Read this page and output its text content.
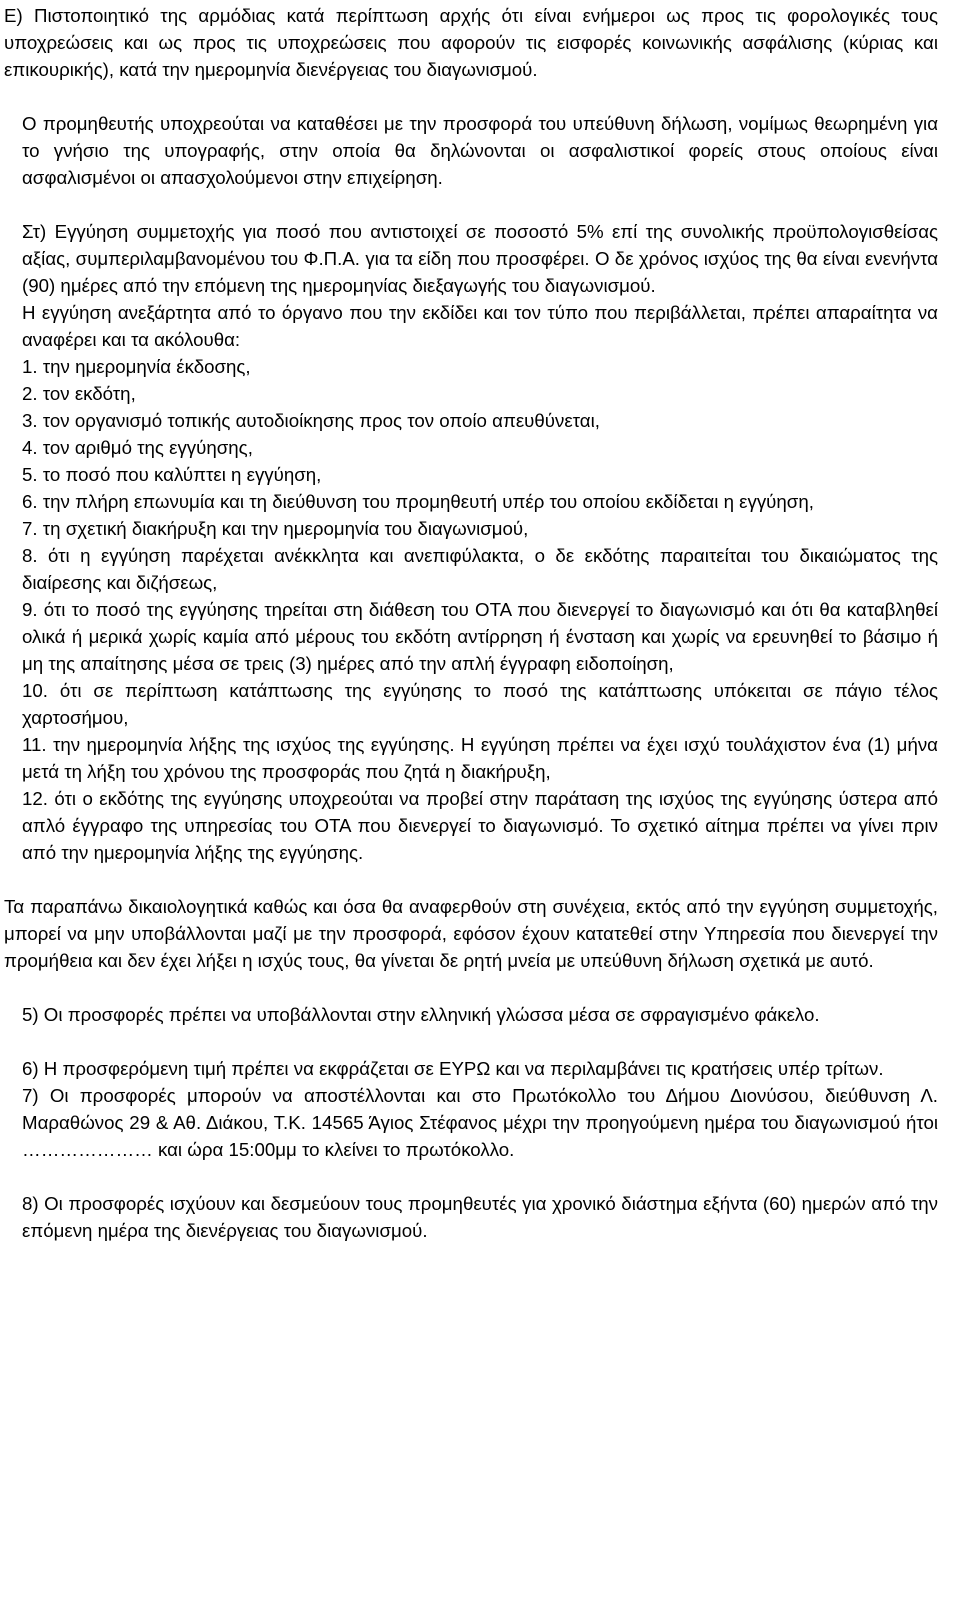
Ε) Πιστοποιητικό της αρμόδιας κατά περίπτωση αρχής ότι είναι ενήμεροι ως προς τις φορολογικές τους υποχρεώσεις και ως προς τις υποχρεώσεις που αφορούν τις εισφορές κοινωνικής ασφάλισης (κύριας και επικουρικής), κατά την ημερομηνία διενέργειας του διαγωνισμού.

Ο προμηθευτής υποχρεούται να καταθέσει με την προσφορά του υπεύθυνη δήλωση, νομίμως θεωρημένη για το γνήσιο της υπογραφής, στην οποία θα δηλώνονται οι ασφαλιστικοί φορείς στους οποίους είναι ασφαλισμένοι οι απασχολούμενοι στην επιχείρηση.

Στ) Εγγύηση συμμετοχής για ποσό που αντιστοιχεί σε ποσοστό 5% επί της συνολικής προϋπολογισθείσας αξίας, συμπεριλαμβανομένου του Φ.Π.Α. για τα είδη που προσφέρει. Ο δε χρόνος ισχύος της θα είναι ενενήντα (90) ημέρες από την επόμενη της ημερομηνίας διεξαγωγής του διαγωνισμού.

Η εγγύηση ανεξάρτητα από το όργανο που την εκδίδει και τον τύπο που περιβάλλεται, πρέπει απαραίτητα να αναφέρει και τα ακόλουθα:

1. την ημερομηνία έκδοσης,

2. τον εκδότη,

3. τον οργανισμό τοπικής αυτοδιοίκησης προς τον οποίο απευθύνεται,

4. τον αριθμό της εγγύησης,

5. το ποσό που καλύπτει η εγγύηση,

6. την πλήρη επωνυμία και τη διεύθυνση του προμηθευτή υπέρ του οποίου εκδίδεται η εγγύηση,

7. τη σχετική διακήρυξη και την ημερομηνία του διαγωνισμού,

8. ότι η εγγύηση παρέχεται ανέκκλητα και ανεπιφύλακτα, ο δε εκδότης παραιτείται του δικαιώματος της διαίρεσης και διζήσεως,

9. ότι το ποσό της εγγύησης τηρείται στη διάθεση του ΟΤΑ που διενεργεί το διαγωνισμό και ότι θα καταβληθεί ολικά ή μερικά χωρίς καμία από μέρους του εκδότη αντίρρηση ή ένσταση και χωρίς να ερευνηθεί το βάσιμο ή μη της απαίτησης μέσα σε τρεις (3) ημέρες από την απλή έγγραφη ειδοποίηση,

10. ότι σε περίπτωση κατάπτωσης της εγγύησης το ποσό της κατάπτωσης υπόκειται σε πάγιο τέλος χαρτοσήμου,

11. την ημερομηνία λήξης της ισχύος της εγγύησης. Η εγγύηση πρέπει να έχει ισχύ τουλάχιστον ένα (1) μήνα μετά τη λήξη του χρόνου της προσφοράς που ζητά η διακήρυξη,

12. ότι ο εκδότης της εγγύησης υποχρεούται να προβεί στην παράταση της ισχύος της εγγύησης ύστερα από απλό έγγραφο της υπηρεσίας του ΟΤΑ που διενεργεί το διαγωνισμό. Το σχετικό αίτημα πρέπει να γίνει πριν από την ημερομηνία λήξης της εγγύησης.

Τα παραπάνω δικαιολογητικά καθώς και όσα θα αναφερθούν στη συνέχεια, εκτός από την εγγύηση συμμετοχής, μπορεί να μην υποβάλλονται μαζί με την προσφορά, εφόσον έχουν κατατεθεί στην Υπηρεσία που διενεργεί την προμήθεια και δεν έχει λήξει η ισχύς τους, θα γίνεται δε ρητή μνεία με υπεύθυνη δήλωση σχετικά με αυτό.

5) Οι προσφορές πρέπει να υποβάλλονται στην ελληνική γλώσσα μέσα σε σφραγισμένο φάκελο.

6) Η προσφερόμενη τιμή πρέπει να εκφράζεται σε ΕΥΡΩ και να περιλαμβάνει τις κρατήσεις υπέρ τρίτων.

7) Οι προσφορές μπορούν να αποστέλλονται και στο Πρωτόκολλο του Δήμου Διονύσου, διεύθυνση Λ. Μαραθώνος 29 & Αθ. Διάκου, Τ.Κ. 14565 Άγιος Στέφανος μέχρι την προηγούμενη ημέρα του διαγωνισμού ήτοι ………………… και ώρα 15:00μμ το κλείνει το πρωτόκολλο.

8) Οι προσφορές ισχύουν και δεσμεύουν τους προμηθευτές για χρονικό διάστημα εξήντα (60) ημερών από την επόμενη ημέρα της διενέργειας του διαγωνισμού.
